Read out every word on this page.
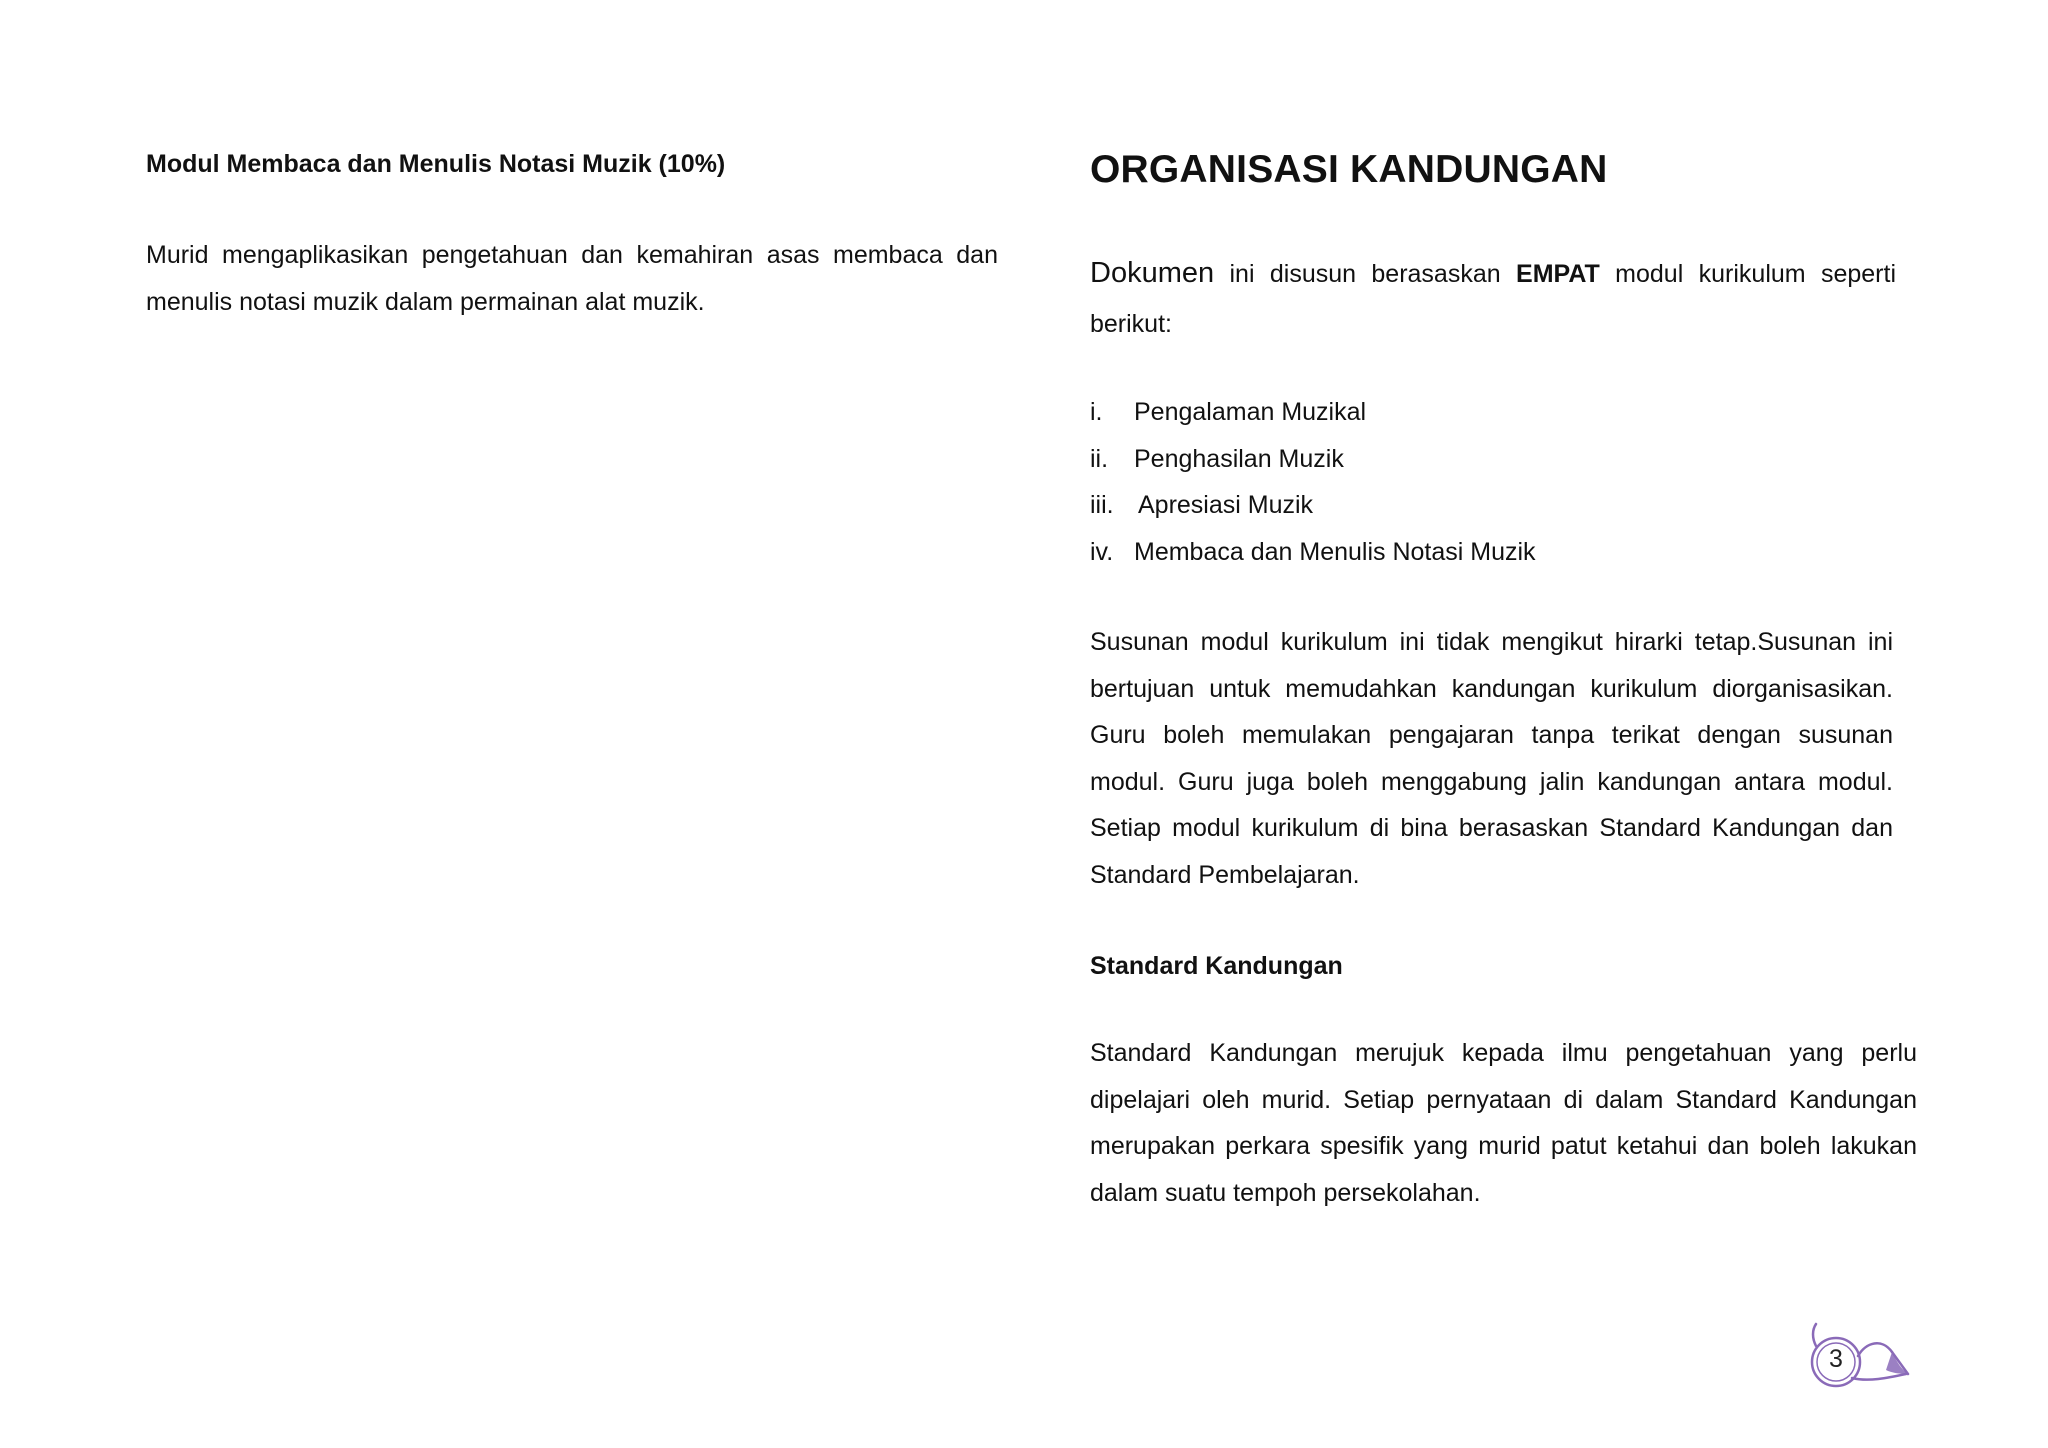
Modul Membaca dan Menulis Notasi Muzik (10%)

Murid mengaplikasikan pengetahuan dan kemahiran asas membaca dan menulis notasi muzik dalam permainan alat muzik.

ORGANISASI KANDUNGAN

Dokumen ini disusun berasaskan EMPAT modul kurikulum seperti berikut:

i.	Pengalaman Muzikal
ii.	Penghasilan Muzik
iii. Apresiasi Muzik
iv. Membaca dan Menulis Notasi Muzik

Susunan modul kurikulum ini tidak mengikut hirarki tetap.Susunan ini bertujuan untuk memudahkan kandungan kurikulum diorganisasikan. Guru boleh memulakan pengajaran tanpa terikat dengan susunan modul. Guru juga boleh menggabung jalin kandungan antara modul. Setiap modul kurikulum di bina berasaskan Standard Kandungan dan Standard Pembelajaran.

Standard Kandungan

Standard Kandungan merujuk kepada ilmu pengetahuan yang perlu dipelajari oleh murid. Setiap pernyataan di dalam Standard Kandungan merupakan perkara spesifik yang murid patut ketahui dan boleh lakukan dalam suatu tempoh persekolahan.

3
